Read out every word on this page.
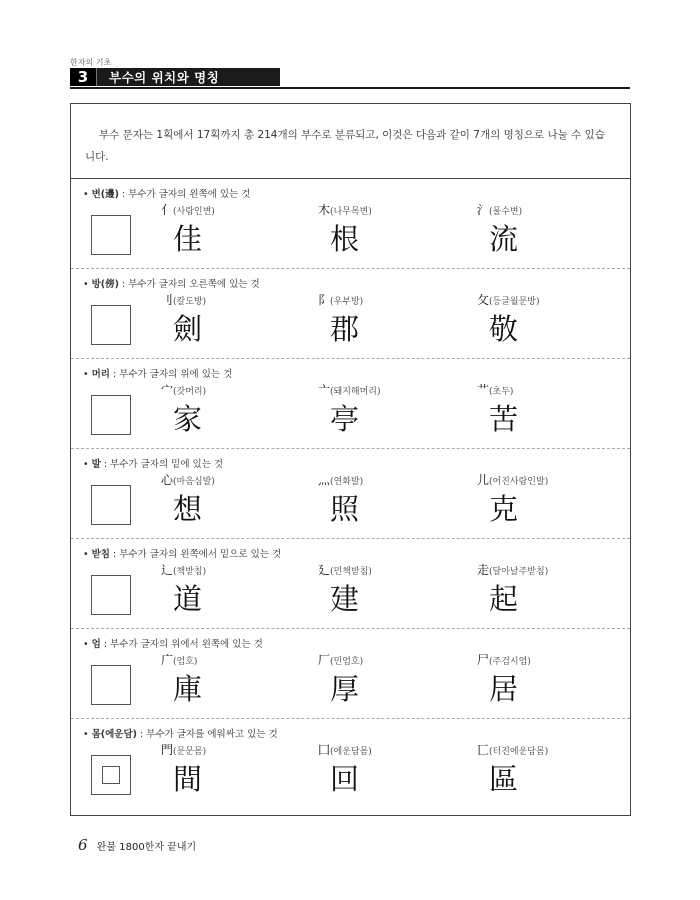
한자의 기초
3	부수의 위치와 명칭
부수 문자는 1획에서 17획까지 총 214개의 부수로 분류되고, 이것은 다음과 같이 7개의 명칭으로 나눌 수 있습니다.
• 변(邊) : 부수가 글자의 왼쪽에 있는 것
亻(사람인변)
佳
木(나무목변)
根
氵(물수변)
流
• 방(傍) : 부수가 글자의 오른쪽에 있는 것
刂(칼도방)
劍
阝(우부방)
郡
攵(등글월문방)
敬
• 머리 : 부수가 글자의 위에 있는 것
宀(갓머리)
家
亠(돼지해머리)
亭
艹(초두)
苦
• 발 : 부수가 글자의 밑에 있는 것
心(마음심발)
想
灬(연화발)
照
儿(어진사람인발)
克
• 받침 : 부수가 글자의 왼쪽에서 밑으로 있는 것
辶(책받침)
道
廴(민책받침)
建
走(달아날주받침)
起
• 엄 : 부수가 글자의 위에서 왼쪽에 있는 것
广(엄호)
庫
厂(민엄호)
厚
尸(주검시엄)
居
• 몸(에운담) : 부수가 글자를 에워싸고 있는 것
門(문문몸)
間
囗(에운담몸)
回
匸(터진에운담몸)
區
6 완불 1800한자 끝내기
